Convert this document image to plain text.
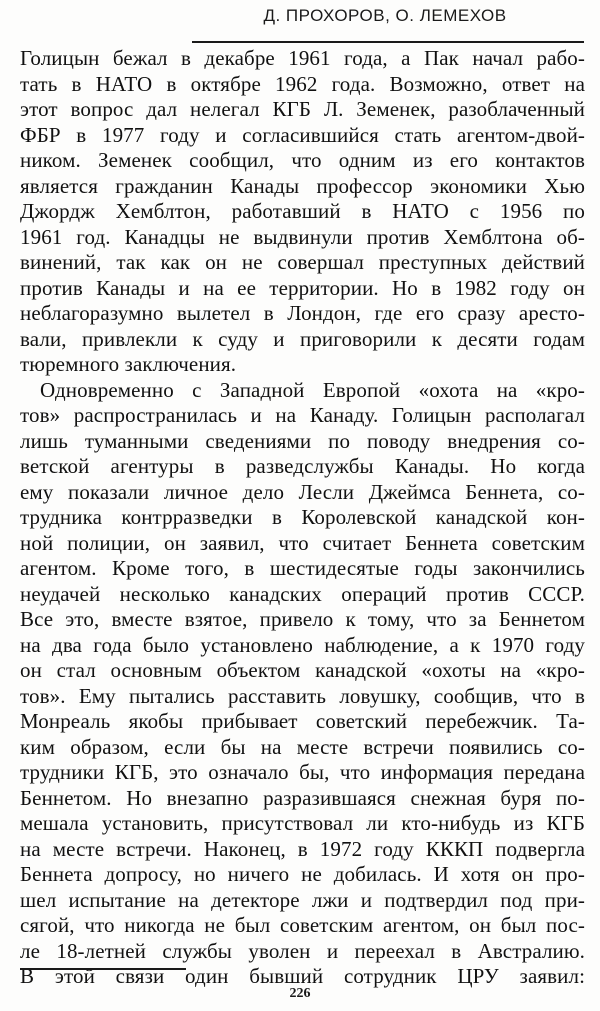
Д. ПРОХОРОВ, О. ЛЕМЕХОВ
Голицын бежал в декабре 1961 года, а Пак начал рабо-
тать в НАТО в октябре 1962 года. Возможно, ответ на
этот вопрос дал нелегал КГБ Л. Земенек, разоблаченный
ФБР в 1977 году и согласившийся стать агентом-двой-
ником. Земенек сообщил, что одним из его контактов
является гражданин Канады профессор экономики Хью
Джордж Хемблтон, работавший в НАТО с 1956 по
1961 год. Канадцы не выдвинули против Хемблтона об-
винений, так как он не совершал преступных действий
против Канады и на ее территории. Но в 1982 году он
неблагоразумно вылетел в Лондон, где его сразу аресто-
вали, привлекли к суду и приговорили к десяти годам
тюремного заключения.
Одновременно с Западной Европой «охота на «кро-
тов» распространилась и на Канаду. Голицын располагал
лишь туманными сведениями по поводу внедрения со-
ветской агентуры в разведслужбы Канады. Но когда
ему показали личное дело Лесли Джеймса Беннета, со-
трудника контрразведки в Королевской канадской кон-
ной полиции, он заявил, что считает Беннета советским
агентом. Кроме того, в шестидесятые годы закончились
неудачей несколько канадских операций против СССР.
Все это, вместе взятое, привело к тому, что за Беннетом
на два года было установлено наблюдение, а к 1970 году
он стал основным объектом канадской «охоты на «кро-
тов». Ему пытались расставить ловушку, сообщив, что в
Монреаль якобы прибывает советский перебежчик. Та-
ким образом, если бы на месте встречи появились со-
трудники КГБ, это означало бы, что информация передана
Беннетом. Но внезапно разразившаяся снежная буря по-
мешала установить, присутствовал ли кто-нибудь из КГБ
на месте встречи. Наконец, в 1972 году КККП подвергла
Беннета допросу, но ничего не добилась. И хотя он про-
шел испытание на детекторе лжи и подтвердил под при-
сягой, что никогда не был советским агентом, он был пос-
ле 18-летней службы уволен и переехал в Австралию.
В этой связи один бывший сотрудник ЦРУ заявил:
226
